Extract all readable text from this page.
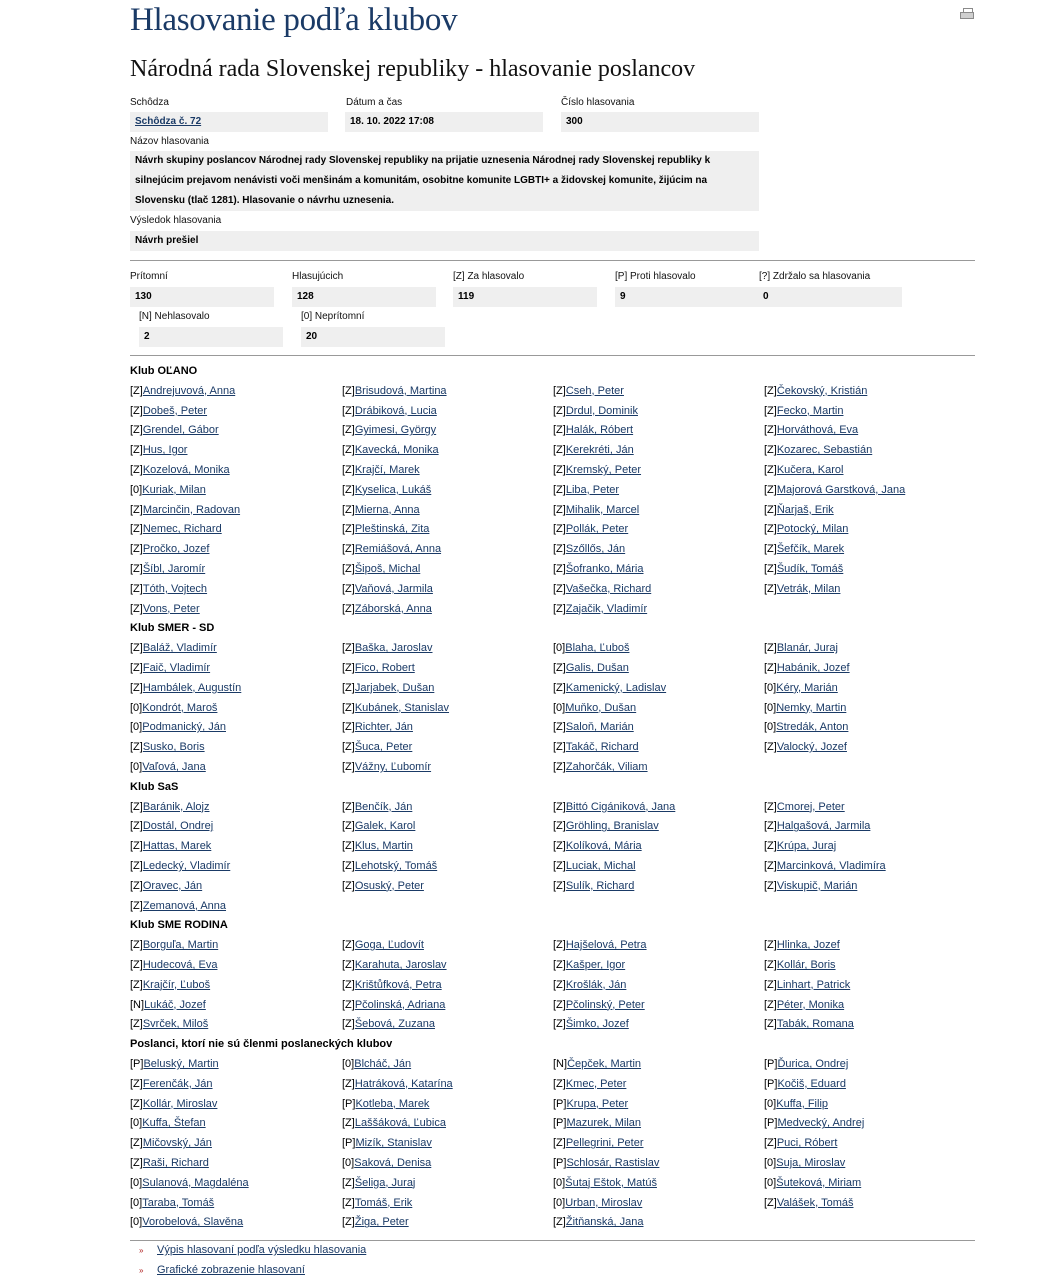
Hlasovanie podľa klubov
Národná rada Slovenskej republiky - hlasovanie poslancov
Schôdza
Schôdza č. 72
Dátum a čas
18. 10. 2022 17:08
Číslo hlasovania
300
Názov hlasovania
Návrh skupiny poslancov Národnej rady Slovenskej republiky na prijatie uznesenia Národnej rady Slovenskej republiky k silnejúcim prejavom nenávisti voči menšinám a komunitám, osobitne komunite LGBTI+ a židovskej komunite, žijúcim na Slovensku (tlač 1281). Hlasovanie o návrhu uznesenia.
Výsledok hlasovania
Návrh prešiel
Prítomní
130
Hlasujúcich
128
[Z] Za hlasovalo
119
[P] Proti hlasovalo
9
[?] Zdržalo sa hlasovania
0
[N] Nehlasovalo
2
[0] Neprítomní
20
Klub OĽANO
[Z]Andrejuvová, Anna	[Z]Brisudová, Martina	[Z]Cseh, Peter	[Z]Čekovský, Kristián
[Z]Dobeš, Peter	[Z]Drábiková, Lucia	[Z]Drdul, Dominik	[Z]Fecko, Martin
[Z]Grendel, Gábor	[Z]Gyimesi, György	[Z]Halák, Róbert	[Z]Horváthová, Eva
[Z]Hus, Igor	[Z]Kavecká, Monika	[Z]Kerekréti, Ján	[Z]Kozarec, Sebastián
[Z]Kozelová, Monika	[Z]Krajčí, Marek	[Z]Kremský, Peter	[Z]Kučera, Karol
[0]Kuriak, Milan	[Z]Kyselica, Lukáš	[Z]Liba, Peter	[Z]Majorová Garstková, Jana
[Z]Marcinčin, Radovan	[Z]Mierna, Anna	[Z]Mihalik, Marcel	[Z]Ňarjaš, Erik
[Z]Nemec, Richard	[Z]Pleštinská, Zita	[Z]Pollák, Peter	[Z]Potocký, Milan
[Z]Pročko, Jozef	[Z]Remiášová, Anna	[Z]Szőllős, Ján	[Z]Šefčík, Marek
[Z]Šíbl, Jaromír	[Z]Šipoš, Michal	[Z]Šofranko, Mária	[Z]Šudík, Tomáš
[Z]Tóth, Vojtech	[Z]Vaňová, Jarmila	[Z]Vašečka, Richard	[Z]Vetrák, Milan
[Z]Vons, Peter	[Z]Záborská, Anna	[Z]Zajačik, Vladimír
Klub SMER - SD
[Z]Baláž, Vladimír	[Z]Baška, Jaroslav	[0]Blaha, Ľuboš	[Z]Blanár, Juraj
[Z]Faič, Vladimír	[Z]Fico, Robert	[Z]Galis, Dušan	[Z]Habánik, Jozef
[Z]Hambálek, Augustín	[Z]Jarjabek, Dušan	[Z]Kamenický, Ladislav	[0]Kéry, Marián
[0]Kondrót, Maroš	[Z]Kubánek, Stanislav	[0]Muňko, Dušan	[0]Nemky, Martin
[0]Podmanický, Ján	[Z]Richter, Ján	[Z]Saloň, Marián	[0]Stredák, Anton
[Z]Susko, Boris	[Z]Šuca, Peter	[Z]Takáč, Richard	[Z]Valocký, Jozef
[0]Vaľová, Jana	[Z]Vážny, Ľubomír	[Z]Zahorčák, Viliam
Klub SaS
[Z]Baránik, Alojz	[Z]Benčík, Ján	[Z]Bittó Cigániková, Jana	[Z]Cmorej, Peter
[Z]Dostál, Ondrej	[Z]Galek, Karol	[Z]Gröhling, Branislav	[Z]Halgašová, Jarmila
[Z]Hattas, Marek	[Z]Klus, Martin	[Z]Kolíková, Mária	[Z]Krúpa, Juraj
[Z]Ledecký, Vladimír	[Z]Lehotský, Tomáš	[Z]Luciak, Michal	[Z]Marcinková, Vladimíra
[Z]Oravec, Ján	[Z]Osuský, Peter	[Z]Sulík, Richard	[Z]Viskupič, Marián
[Z]Zemanová, Anna
Klub SME RODINA
[Z]Borguľa, Martin	[Z]Goga, Ľudovít	[Z]Hajšelová, Petra	[Z]Hlinka, Jozef
[Z]Hudecová, Eva	[Z]Karahuta, Jaroslav	[Z]Kašper, Igor	[Z]Kollár, Boris
[Z]Krajčír, Ľuboš	[Z]Krištůfková, Petra	[Z]Krošlák, Ján	[Z]Linhart, Patrick
[N]Lukáč, Jozef	[Z]Pčolinská, Adriana	[Z]Pčolinský, Peter	[Z]Péter, Monika
[Z]Svrček, Miloš	[Z]Šebová, Zuzana	[Z]Šimko, Jozef	[Z]Tabák, Romana
Poslanci, ktorí nie sú členmi poslaneckých klubov
[P]Beluský, Martin	[0]Blcháč, Ján	[N]Čepček, Martin	[P]Ďurica, Ondrej
[Z]Ferenčák, Ján	[Z]Hatráková, Katarína	[Z]Kmec, Peter	[P]Kočiš, Eduard
[Z]Kollár, Miroslav	[P]Kotleba, Marek	[P]Krupa, Peter	[0]Kuffa, Filip
[0]Kuffa, Štefan	[Z]Laššáková, Ľubica	[P]Mazurek, Milan	[P]Medvecký, Andrej
[Z]Mičovský, Ján	[P]Mizík, Stanislav	[Z]Pellegrini, Peter	[Z]Puci, Róbert
[Z]Raši, Richard	[0]Saková, Denisa	[P]Schlosár, Rastislav	[0]Suja, Miroslav
[0]Sulanová, Magdaléna	[Z]Šeliga, Juraj	[0]Šutaj Eštok, Matúš	[0]Šuteková, Miriam
[0]Taraba, Tomáš	[Z]Tomáš, Erik	[0]Urban, Miroslav	[Z]Valášek, Tomáš
[0]Vorobelová, Slavěna	[Z]Žiga, Peter	[Z]Žitňanská, Jana
» Výpis hlasovaní podľa výsledku hlasovania
» Grafické zobrazenie hlasovaní
